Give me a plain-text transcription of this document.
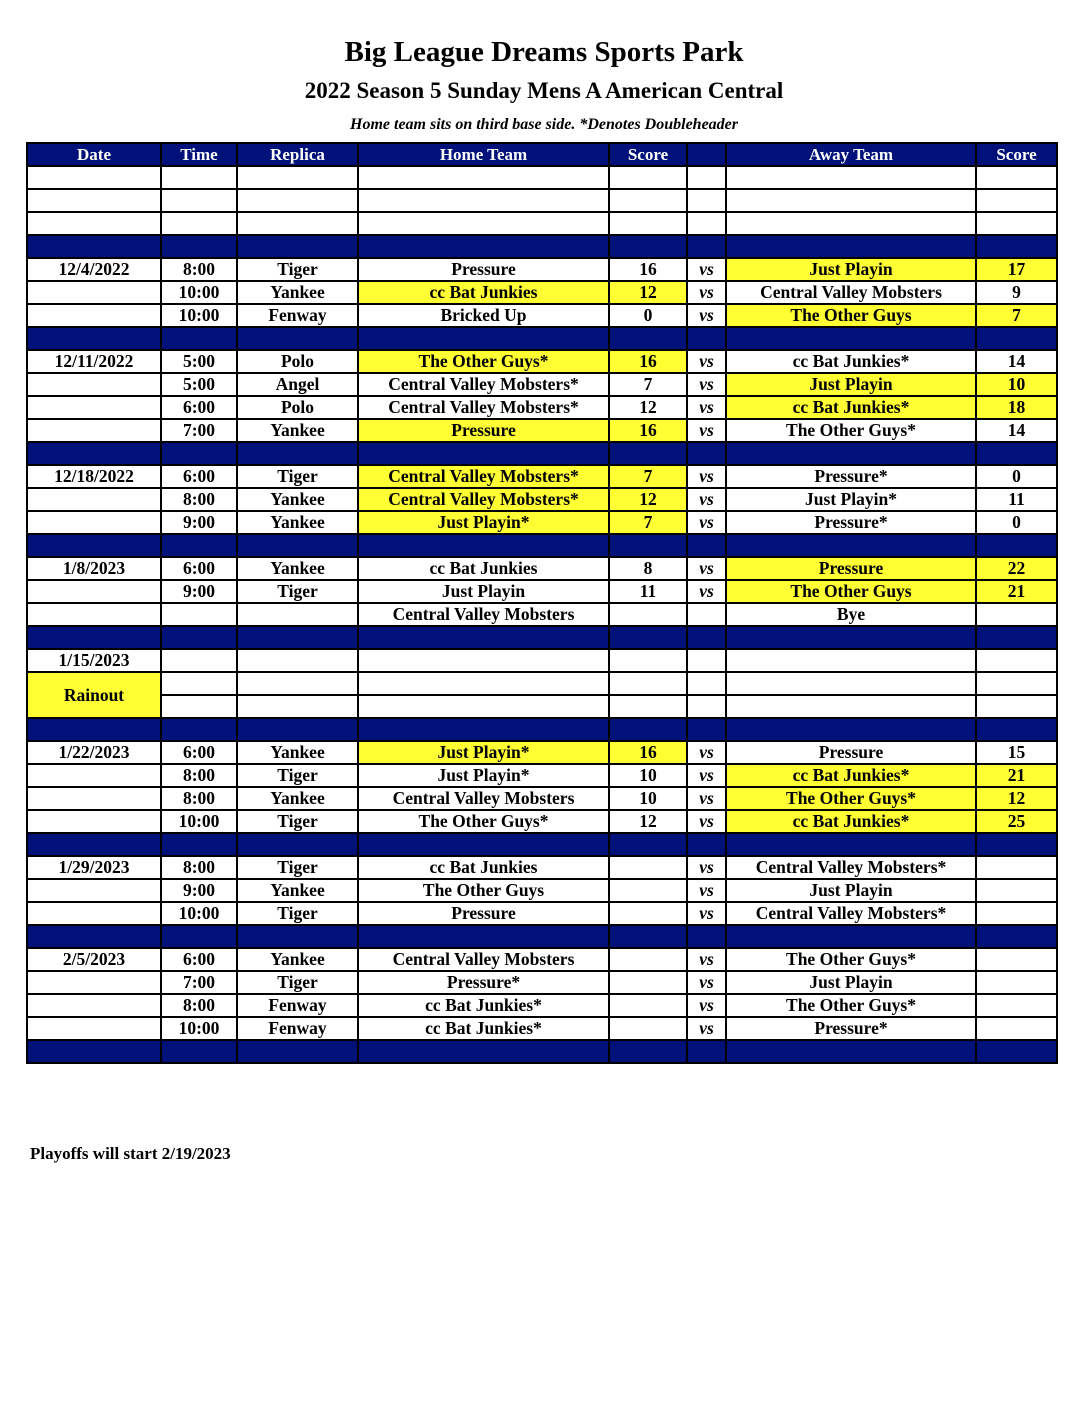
Big League Dreams Sports Park
2022 Season 5 Sunday Mens A American Central
Home team sits on third base side. *Denotes Doubleheader
Date	Time	Replica	Home Team	Score		Away Team	Score

12/4/2022	8:00	Tiger	Pressure	16	vs	Just Playin	17
	10:00	Yankee	cc Bat Junkies	12	vs	Central Valley Mobsters	9
	10:00	Fenway	Bricked Up	0	vs	The Other Guys	7

12/11/2022	5:00	Polo	The Other Guys*	16	vs	cc Bat Junkies*	14
	5:00	Angel	Central Valley Mobsters*	7	vs	Just Playin	10
	6:00	Polo	Central Valley Mobsters*	12	vs	cc Bat Junkies*	18
	7:00	Yankee	Pressure	16	vs	The Other Guys*	14

12/18/2022	6:00	Tiger	Central Valley Mobsters*	7	vs	Pressure*	0
	8:00	Yankee	Central Valley Mobsters*	12	vs	Just Playin*	11
	9:00	Yankee	Just Playin*	7	vs	Pressure*	0

1/8/2023	6:00	Yankee	cc Bat Junkies	8	vs	Pressure	22
	9:00	Tiger	Just Playin	11	vs	The Other Guys	21
			Central Valley Mobsters			Bye	

1/15/2023							
Rainout							

1/22/2023	6:00	Yankee	Just Playin*	16	vs	Pressure	15
	8:00	Tiger	Just Playin*	10	vs	cc Bat Junkies*	21
	8:00	Yankee	Central Valley Mobsters	10	vs	The Other Guys*	12
	10:00	Tiger	The Other Guys*	12	vs	cc Bat Junkies*	25

1/29/2023	8:00	Tiger	cc Bat Junkies		vs	Central Valley Mobsters*	
	9:00	Yankee	The Other Guys		vs	Just Playin	
	10:00	Tiger	Pressure		vs	Central Valley Mobsters*	

2/5/2023	6:00	Yankee	Central Valley Mobsters		vs	The Other Guys*	
	7:00	Tiger	Pressure*		vs	Just Playin	
	8:00	Fenway	cc Bat Junkies*		vs	The Other Guys*	
	10:00	Fenway	cc Bat Junkies*		vs	Pressure*	

Playoffs will start 2/19/2023
